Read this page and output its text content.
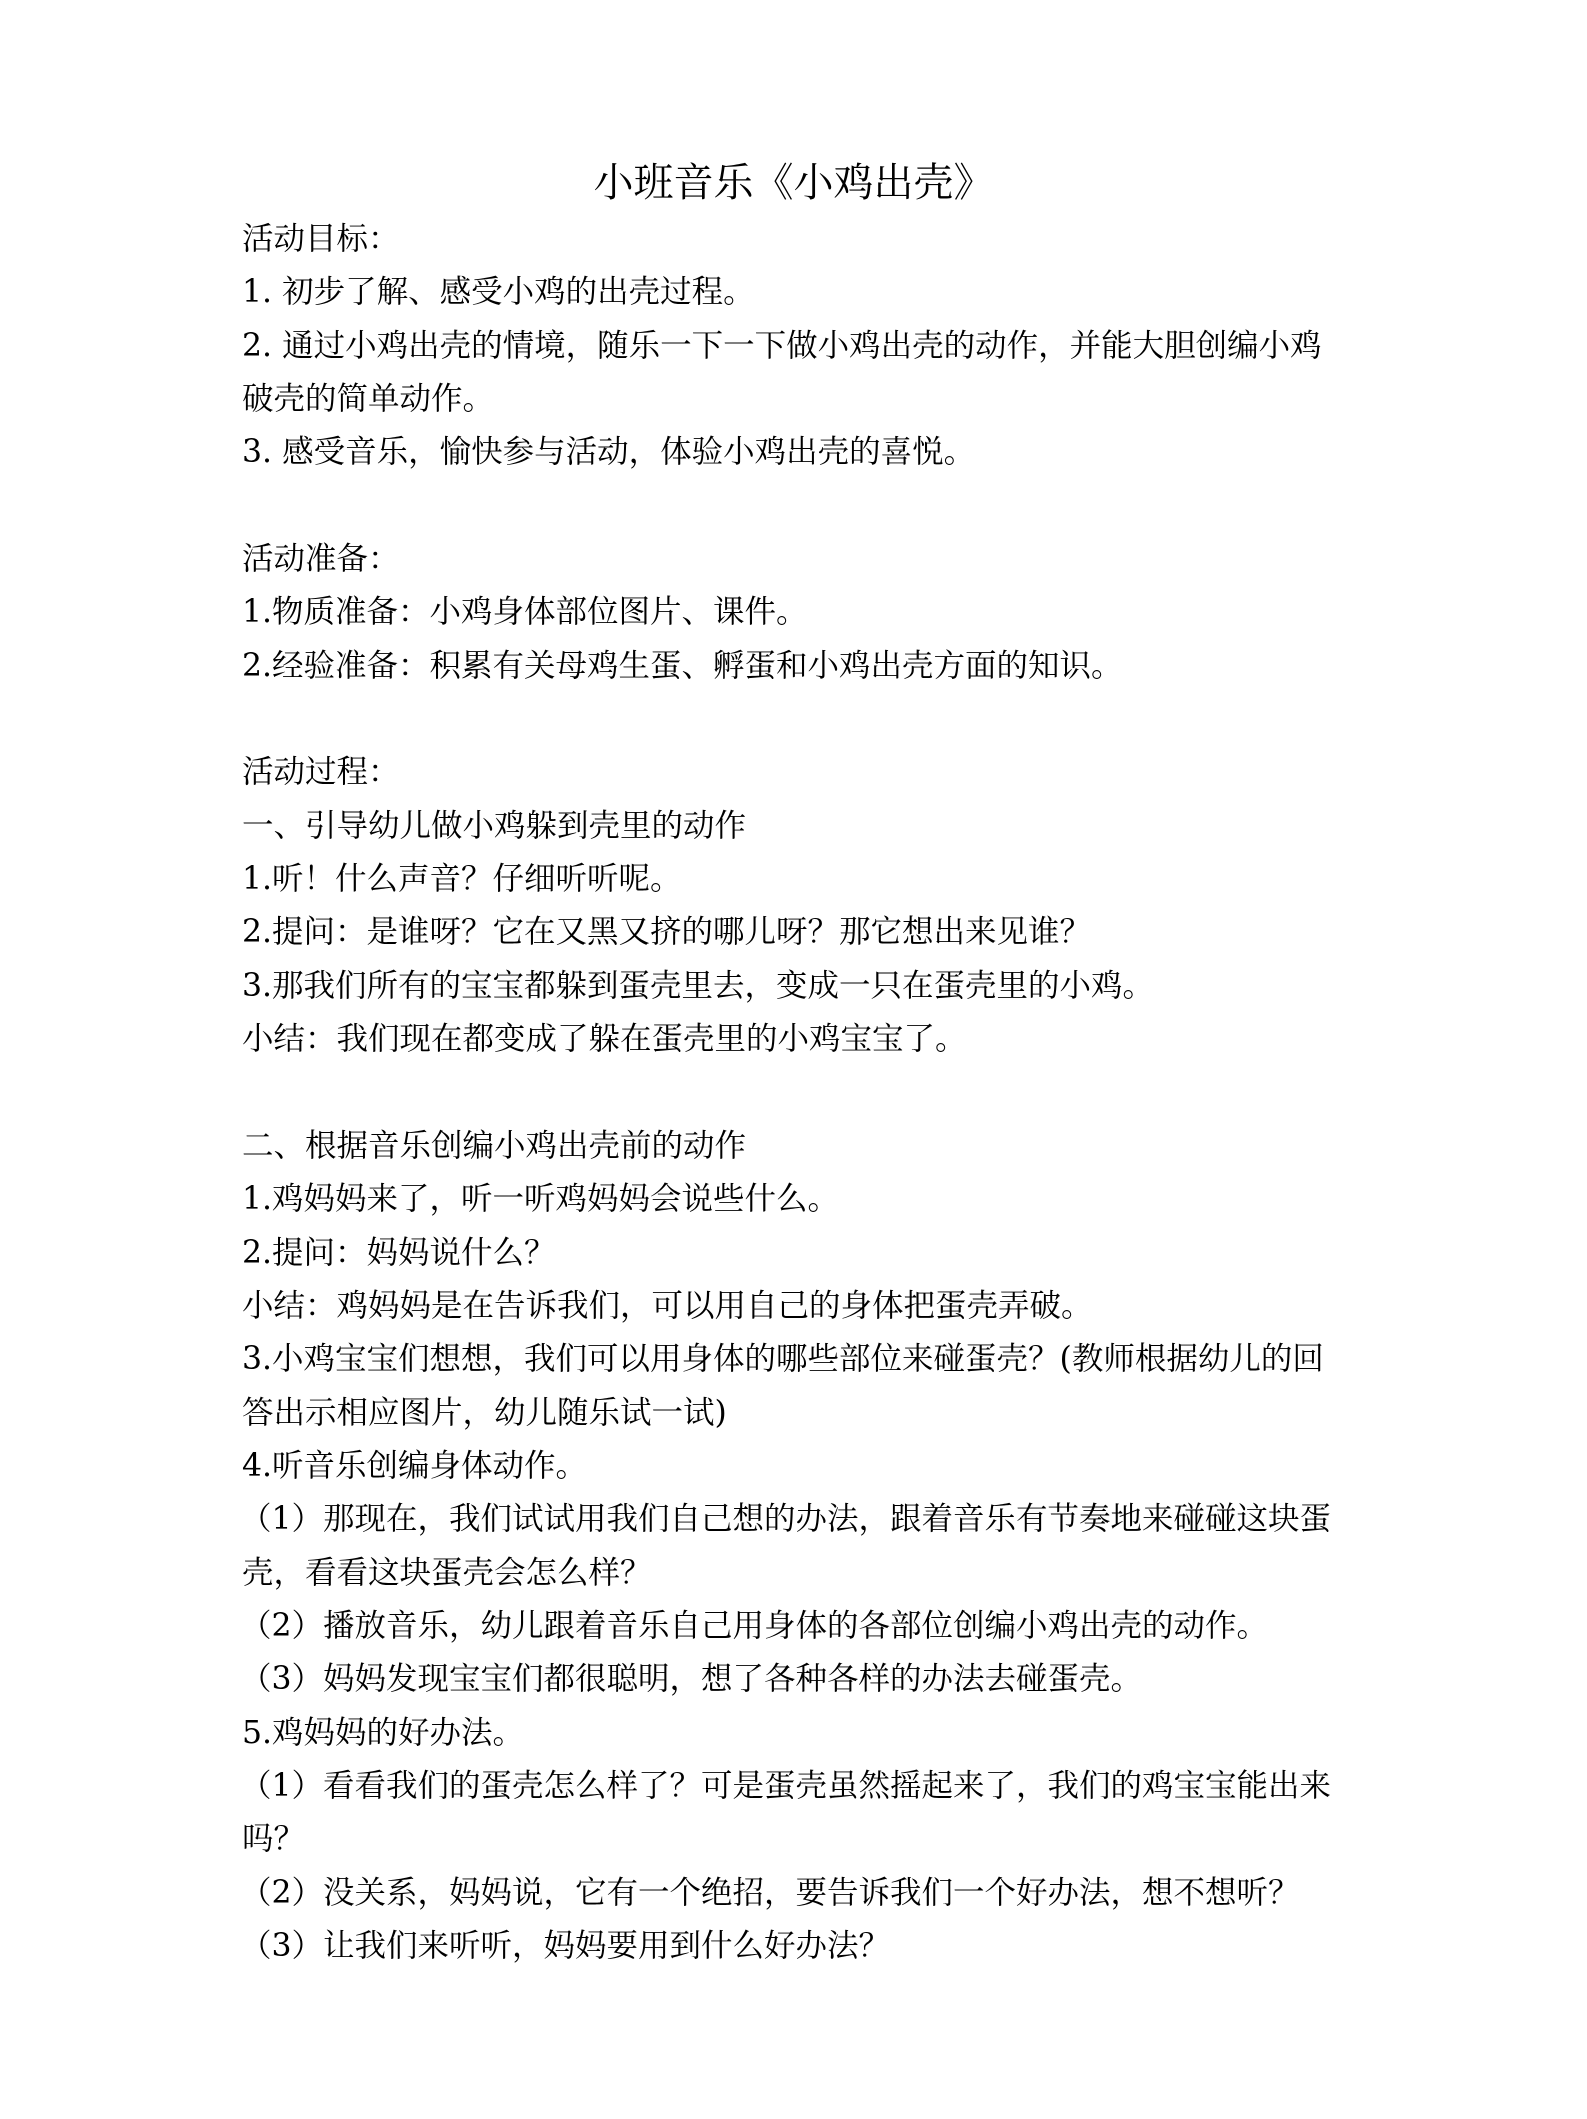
小班音乐《小鸡出壳》
活动目标：
1. 初步了解、感受小鸡的出壳过程。
2. 通过小鸡出壳的情境，随乐一下一下做小鸡出壳的动作，并能大胆创编小鸡
破壳的简单动作。
3. 感受音乐，愉快参与活动，体验小鸡出壳的喜悦。
活动准备：
1.物质准备：小鸡身体部位图片、课件。
2.经验准备：积累有关母鸡生蛋、孵蛋和小鸡出壳方面的知识。
活动过程：
一、引导幼儿做小鸡躲到壳里的动作
1.听！什么声音？仔细听听呢。
2.提问：是谁呀？它在又黑又挤的哪儿呀？那它想出来见谁？
3.那我们所有的宝宝都躲到蛋壳里去，变成一只在蛋壳里的小鸡。
小结：我们现在都变成了躲在蛋壳里的小鸡宝宝了。
二、根据音乐创编小鸡出壳前的动作
1.鸡妈妈来了，听一听鸡妈妈会说些什么。
2.提问：妈妈说什么？
小结：鸡妈妈是在告诉我们，可以用自己的身体把蛋壳弄破。
3.小鸡宝宝们想想，我们可以用身体的哪些部位来碰蛋壳？(教师根据幼儿的回
答出示相应图片，幼儿随乐试一试)
4.听音乐创编身体动作。
（1）那现在，我们试试用我们自己想的办法，跟着音乐有节奏地来碰碰这块蛋
壳，看看这块蛋壳会怎么样？
（2）播放音乐，幼儿跟着音乐自己用身体的各部位创编小鸡出壳的动作。
（3）妈妈发现宝宝们都很聪明，想了各种各样的办法去碰蛋壳。
5.鸡妈妈的好办法。
（1）看看我们的蛋壳怎么样了？可是蛋壳虽然摇起来了，我们的鸡宝宝能出来
吗？
（2）没关系，妈妈说，它有一个绝招，要告诉我们一个好办法，想不想听？
（3）让我们来听听，妈妈要用到什么好办法？
